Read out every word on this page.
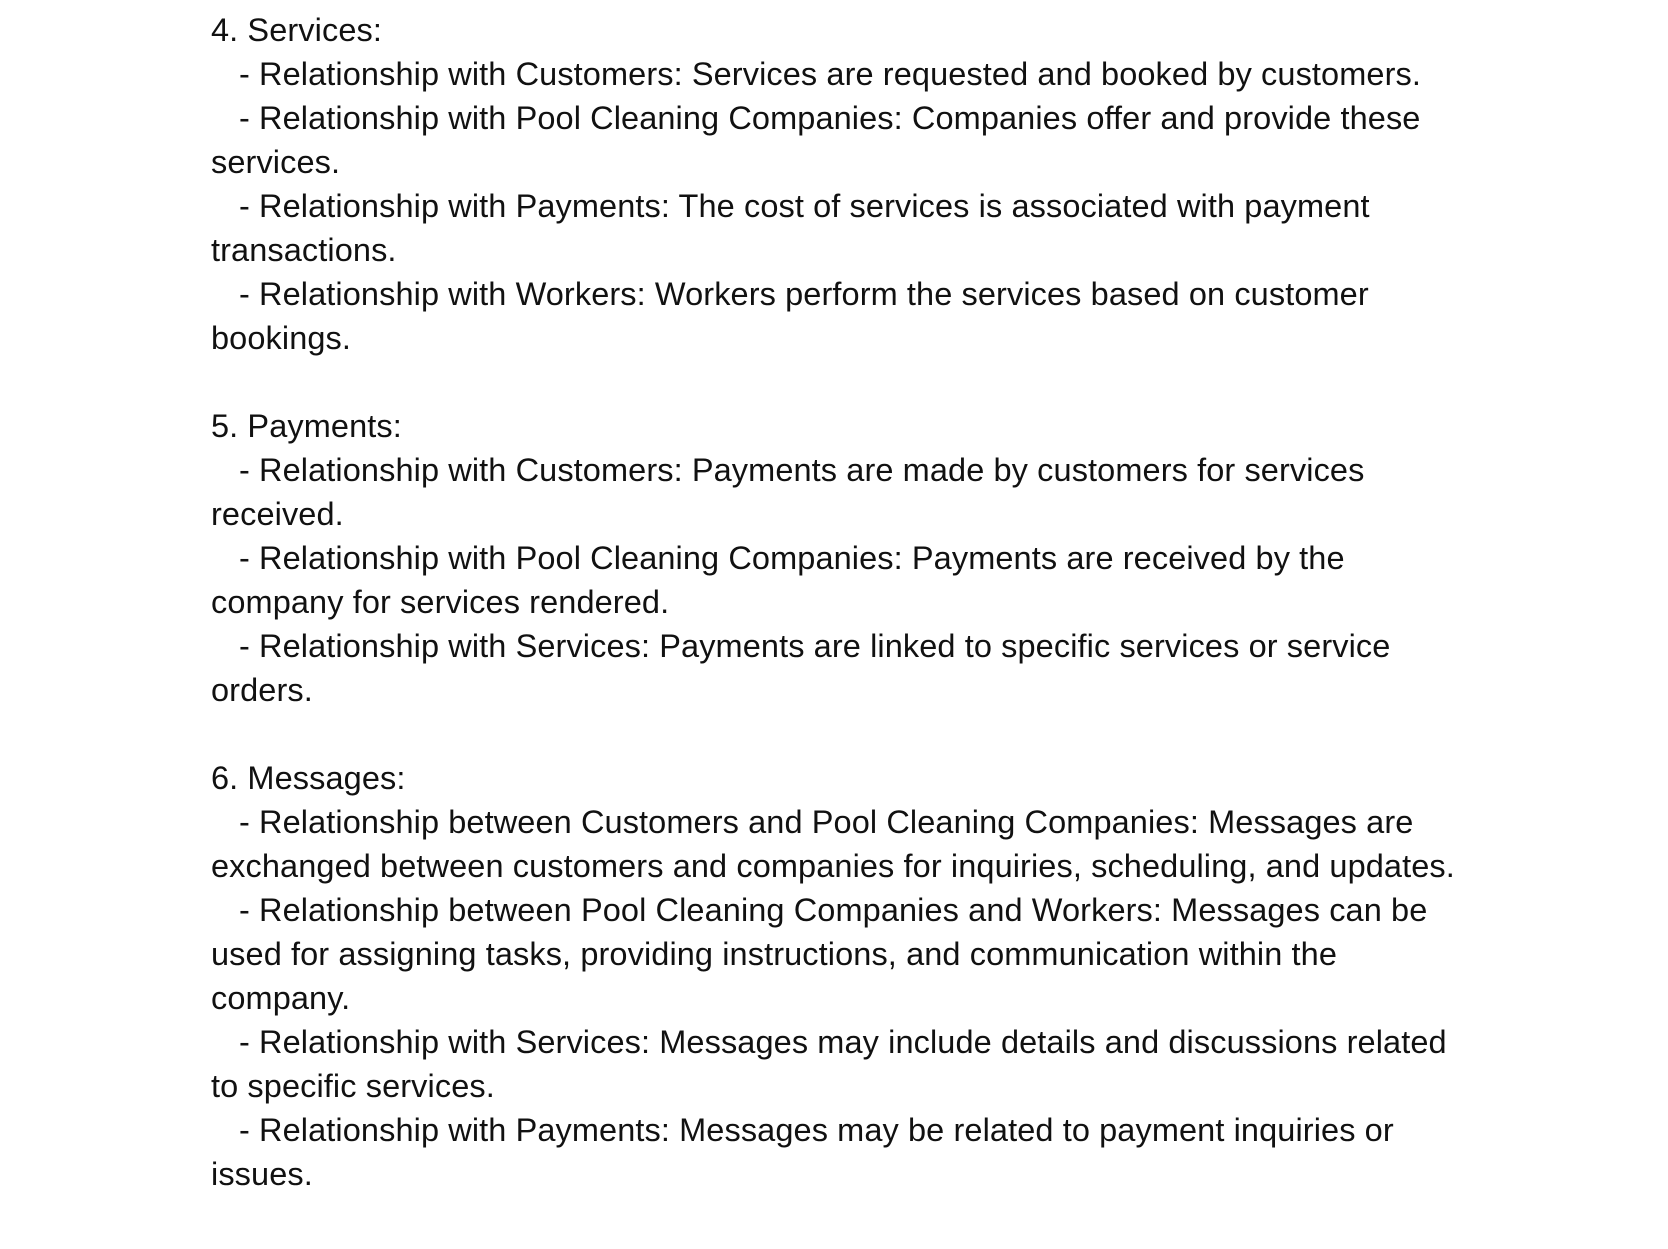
4. Services:

- Relationship with Customers: Services are requested and booked by customers.

- Relationship with Pool Cleaning Companies: Companies offer and provide these services.

- Relationship with Payments: The cost of services is associated with payment transactions.

- Relationship with Workers: Workers perform the services based on customer bookings.

5. Payments:

- Relationship with Customers: Payments are made by customers for services received.

- Relationship with Pool Cleaning Companies: Payments are received by the company for services rendered.

- Relationship with Services: Payments are linked to specific services or service orders.

6. Messages:

- Relationship between Customers and Pool Cleaning Companies: Messages are exchanged between customers and companies for inquiries, scheduling, and updates.

- Relationship between Pool Cleaning Companies and Workers: Messages can be used for assigning tasks, providing instructions, and communication within the company.

- Relationship with Services: Messages may include details and discussions related to specific services.

- Relationship with Payments: Messages may be related to payment inquiries or issues.
